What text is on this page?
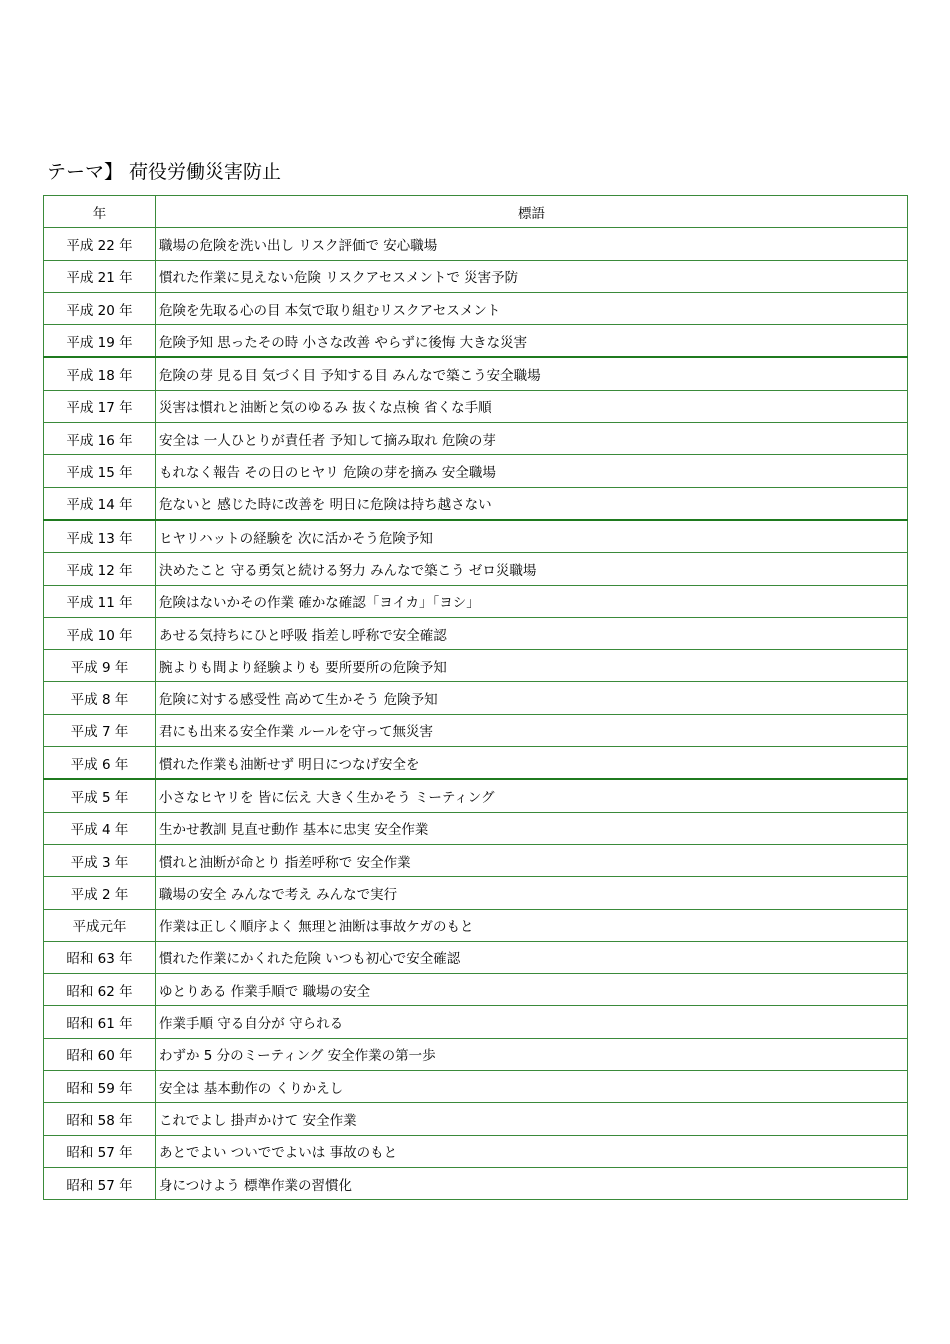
テーマ】 荷役労働災害防止
年	標語
平成 22 年	職場の危険を洗い出し リスク評価で 安心職場
平成 21 年	慣れた作業に見えない危険 リスクアセスメントで 災害予防
平成 20 年	危険を先取る心の目 本気で取り組むリスクアセスメント
平成 19 年	危険予知 思ったその時 小さな改善 やらずに後悔 大きな災害
平成 18 年	危険の芽 見る目 気づく目 予知する目 みんなで築こう安全職場
平成 17 年	災害は慣れと油断と気のゆるみ 抜くな点検 省くな手順
平成 16 年	安全は 一人ひとりが責任者 予知して摘み取れ 危険の芽
平成 15 年	もれなく報告 その日のヒヤリ 危険の芽を摘み 安全職場
平成 14 年	危ないと 感じた時に改善を 明日に危険は持ち越さない
平成 13 年	ヒヤリハットの経験を 次に活かそう危険予知
平成 12 年	決めたこと 守る勇気と続ける努力 みんなで築こう ゼロ災職場
平成 11 年	危険はないかその作業 確かな確認「ヨイカ」「ヨシ」
平成 10 年	あせる気持ちにひと呼吸 指差し呼称で安全確認
平成 9 年	腕よりも間より経験よりも 要所要所の危険予知
平成 8 年	危険に対する感受性 高めて生かそう 危険予知
平成 7 年	君にも出来る安全作業 ルールを守って無災害
平成 6 年	慣れた作業も油断せず 明日につなげ安全を
平成 5 年	小さなヒヤリを 皆に伝え 大きく生かそう ミーティング
平成 4 年	生かせ教訓 見直せ動作 基本に忠実 安全作業
平成 3 年	慣れと油断が命とり 指差呼称で 安全作業
平成 2 年	職場の安全 みんなで考え みんなで実行
平成元年	作業は正しく順序よく 無理と油断は事故ケガのもと
昭和 63 年	慣れた作業にかくれた危険 いつも初心で安全確認
昭和 62 年	ゆとりある 作業手順で 職場の安全
昭和 61 年	作業手順 守る自分が 守られる
昭和 60 年	わずか 5 分のミーティング 安全作業の第一歩
昭和 59 年	安全は 基本動作の くりかえし
昭和 58 年	これでよし 掛声かけて 安全作業
昭和 57 年	あとでよい ついででよいは 事故のもと
昭和 57 年	身につけよう 標準作業の習慣化
